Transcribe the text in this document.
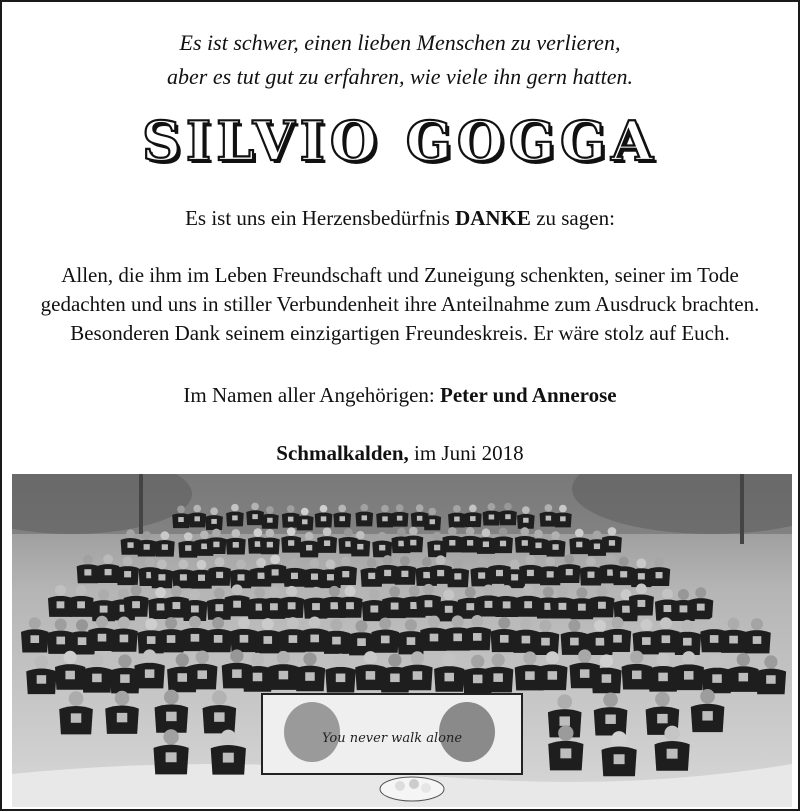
Es ist schwer, einen lieben Menschen zu verlieren,
aber es tut gut zu erfahren, wie viele ihn gern hatten.
SILVIO GOGGA
Es ist uns ein Herzensbedürfnis DANKE zu sagen:
Allen, die ihm im Leben Freundschaft und Zuneigung schenkten, seiner im Tode
gedachten und uns in stiller Verbundenheit ihre Anteilnahme zum Ausdruck brachten.
Besonderen Dank seinem einzigartigen Freundeskreis. Er wäre stolz auf Euch.
Im Namen aller Angehörigen: Peter und Annerose
Schmalkalden, im Juni 2018
You never walk alone
